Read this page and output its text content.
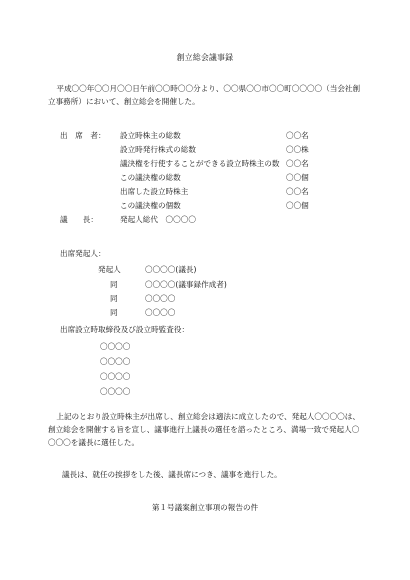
創立総会議事録
平成〇〇年〇〇月〇〇日午前〇〇時〇〇分より、〇〇県〇〇市〇〇町〇〇〇〇（当会社創立事務所）において、創立総会を開催した。
出　席　者： 設立時株主の総数	〇〇名
設立時発行株式の総数	〇〇株
議決権を行使することができる設立時株主の数 〇〇名
この議決権の総数	〇〇個
出席した設立時株主	〇〇名
この議決権の個数	〇〇個
議　　長：	発起人総代　〇〇〇〇
出席発起人：
発起人	〇〇〇〇(議長)
同	〇〇〇〇(議事録作成者)
同	〇〇〇〇
同	〇〇〇〇
出席設立時取締役及び設立時監査役：
〇〇〇〇
〇〇〇〇
〇〇〇〇
〇〇〇〇
上記のとおり設立時株主が出席し、創立総会は適法に成立したので、発起人〇〇〇〇は、創立総会を開催する旨を宣し、議事進行上議長の選任を諮ったところ、満場一致で発起人〇〇〇〇を議長に選任した。
議長は、就任の挨拶をした後、議長席につき、議事を進行した。
第１号議案創立事項の報告の件
